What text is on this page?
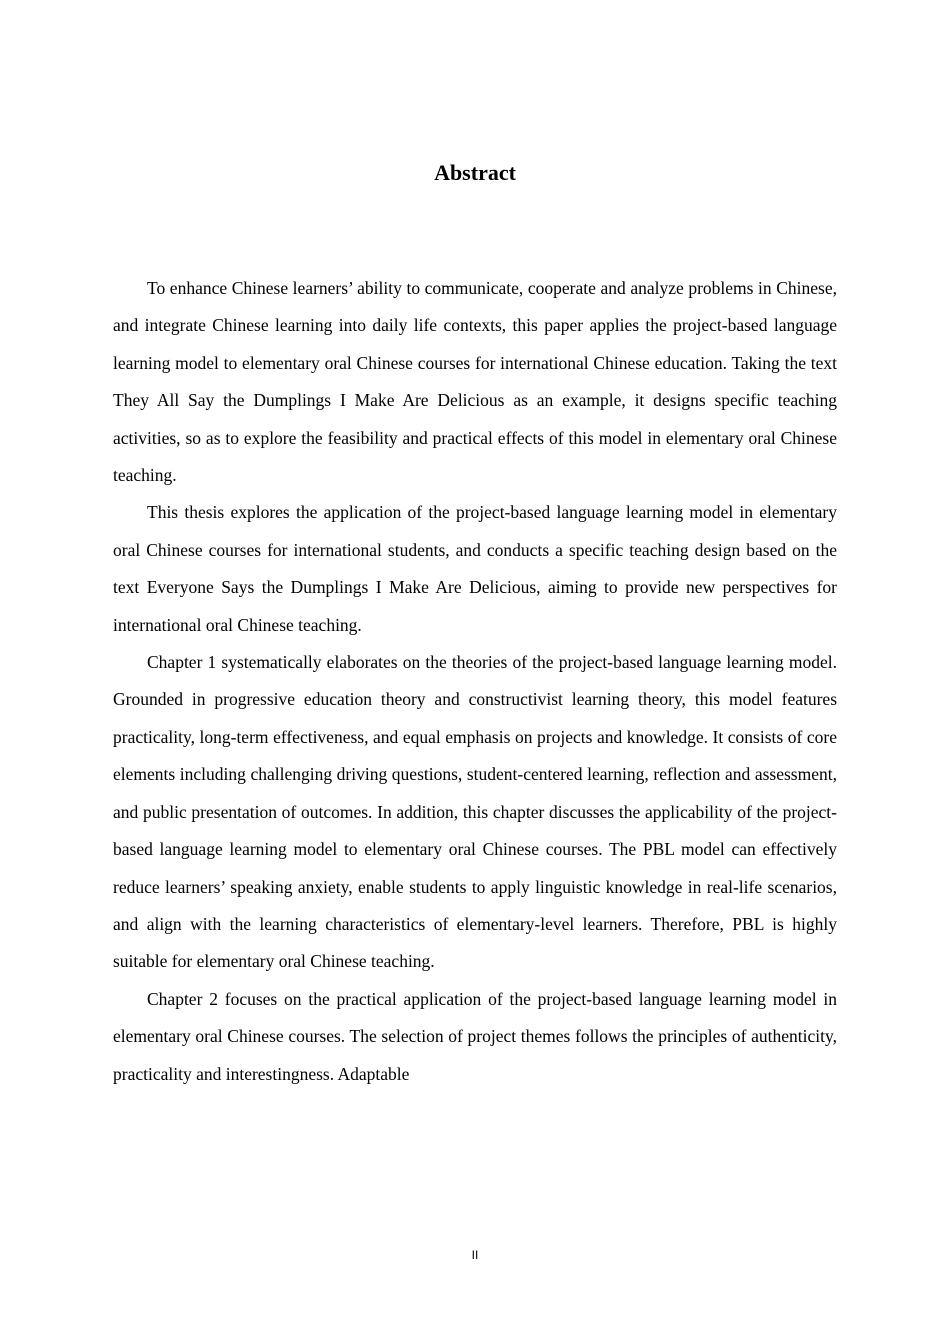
Abstract

To enhance Chinese learners’ ability to communicate, cooperate and analyze problems in Chinese, and integrate Chinese learning into daily life contexts, this paper applies the project-based language learning model to elementary oral Chinese courses for international Chinese education. Taking the text They All Say the Dumplings I Make Are Delicious as an example, it designs specific teaching activities, so as to explore the feasibility and practical effects of this model in elementary oral Chinese teaching.

This thesis explores the application of the project-based language learning model in elementary oral Chinese courses for international students, and conducts a specific teaching design based on the text Everyone Says the Dumplings I Make Are Delicious, aiming to provide new perspectives for international oral Chinese teaching.

Chapter 1 systematically elaborates on the theories of the project-based language learning model. Grounded in progressive education theory and constructivist learning theory, this model features practicality, long-term effectiveness, and equal emphasis on projects and knowledge. It consists of core elements including challenging driving questions, student-centered learning, reflection and assessment, and public presentation of outcomes. In addition, this chapter discusses the applicability of the project-based language learning model to elementary oral Chinese courses. The PBL model can effectively reduce learners’ speaking anxiety, enable students to apply linguistic knowledge in real-life scenarios, and align with the learning characteristics of elementary-level learners. Therefore, PBL is highly suitable for elementary oral Chinese teaching.

Chapter 2 focuses on the practical application of the project-based language learning model in elementary oral Chinese courses. The selection of project themes follows the principles of authenticity, practicality and interestingness. Adaptable

II
